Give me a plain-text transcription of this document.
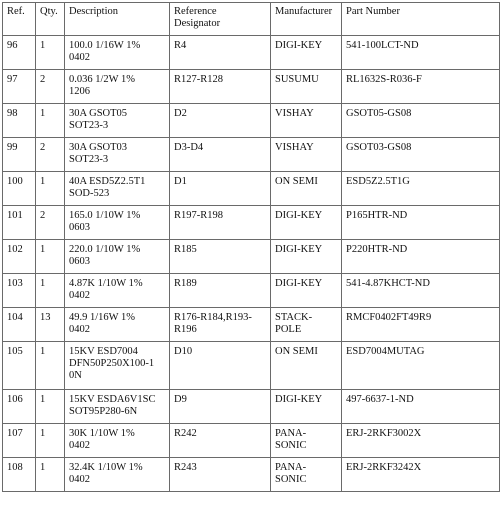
Ref.	Qty.	Description	Reference
Designator	Manufacturer	Part Number
96	1	100.0 1/16W 1%
0402	R4	DIGI-KEY	541-100LCT-ND
97	2	0.036 1/2W 1%
1206	R127-R128	SUSUMU	RL1632S-R036-F
98	1	30A GSOT05
SOT23-3	D2	VISHAY	GSOT05-GS08
99	2	30A GSOT03
SOT23-3	D3-D4	VISHAY	GSOT03-GS08
100	1	40A ESD5Z2.5T1
SOD-523	D1	ON SEMI	ESD5Z2.5T1G
101	2	165.0 1/10W 1%
0603	R197-R198	DIGI-KEY	P165HTR-ND
102	1	220.0 1/10W 1%
0603	R185	DIGI-KEY	P220HTR-ND
103	1	4.87K 1/10W 1%
0402	R189	DIGI-KEY	541-4.87KHCT-ND
104	13	49.9 1/16W 1%
0402	R176-R184,R193-
R196	STACK-
POLE	RMCF0402FT49R9
105	1	15KV ESD7004
DFN50P250X100-1
0N	D10	ON SEMI	ESD7004MUTAG
106	1	15KV ESDA6V1SC
SOT95P280-6N	D9	DIGI-KEY	497-6637-1-ND
107	1	30K 1/10W 1%
0402	R242	PANA-
SONIC	ERJ-2RKF3002X
108	1	32.4K 1/10W 1%
0402	R243	PANA-
SONIC	ERJ-2RKF3242X
